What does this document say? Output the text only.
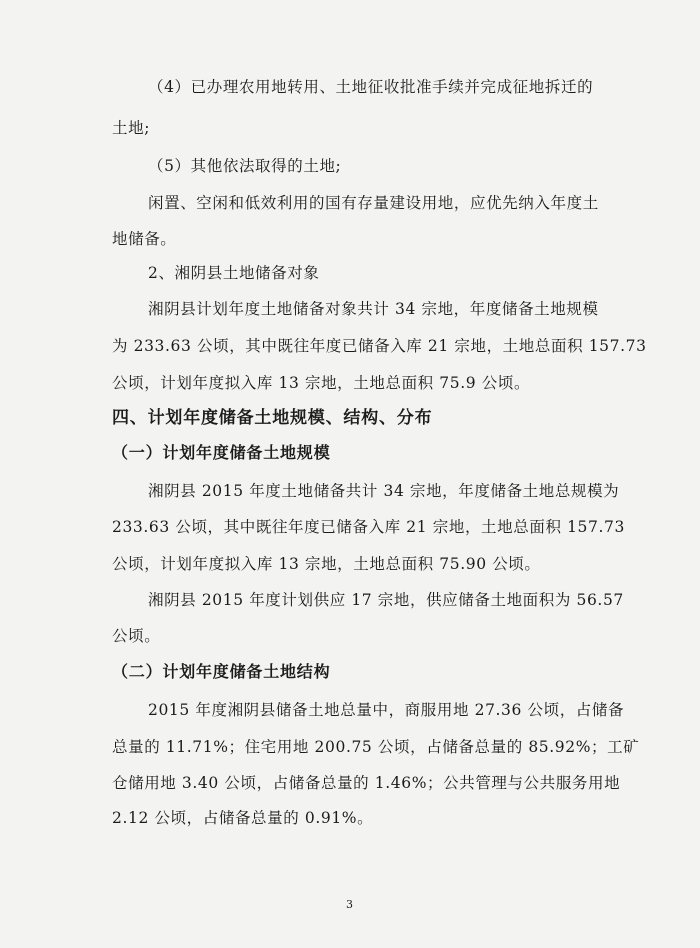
（4）已办理农用地转用、土地征收批准手续并完成征地拆迁的
土地;
（5）其他依法取得的土地;
闲置、空闲和低效利用的国有存量建设用地，应优先纳入年度土
地储备。
2、湘阴县土地储备对象
湘阴县计划年度土地储备对象共计 34 宗地，年度储备土地规模
为 233.63 公顷，其中既往年度已储备入库 21 宗地，土地总面积 157.73
公顷，计划年度拟入库 13 宗地，土地总面积 75.9 公顷。
四、计划年度储备土地规模、结构、分布
（一）计划年度储备土地规模
湘阴县 2015 年度土地储备共计 34 宗地，年度储备土地总规模为
233.63 公顷，其中既往年度已储备入库 21 宗地，土地总面积 157.73
公顷，计划年度拟入库 13 宗地，土地总面积 75.90 公顷。
湘阴县 2015 年度计划供应 17 宗地，供应储备土地面积为 56.57
公顷。
（二）计划年度储备土地结构
2015 年度湘阴县储备土地总量中，商服用地 27.36 公顷，占储备
总量的 11.71%；住宅用地 200.75 公顷，占储备总量的 85.92%；工矿
仓储用地 3.40 公顷，占储备总量的 1.46%；公共管理与公共服务用地
2.12 公顷，占储备总量的 0.91%。
3
